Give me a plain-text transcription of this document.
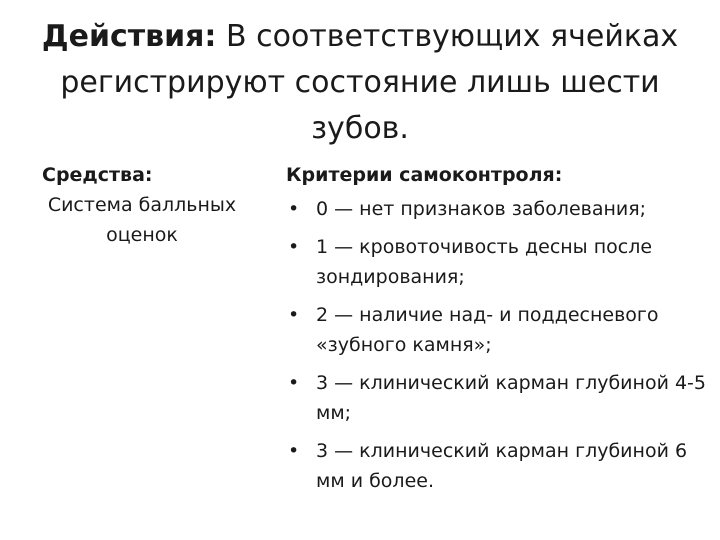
Действия: В соответствующих ячейках регистрируют состояние лишь шести зубов.
Средства:
Система балльных оценок
Критерии самоконтроля:
• 0 — нет признаков заболевания;
• 1 — кровоточивость десны после зондирования;
• 2 — наличие над- и поддесневого «зубного камня»;
• 3 — клинический карман глубиной 4-5 мм;
• 3 — клинический карман глубиной 6 мм и более.
